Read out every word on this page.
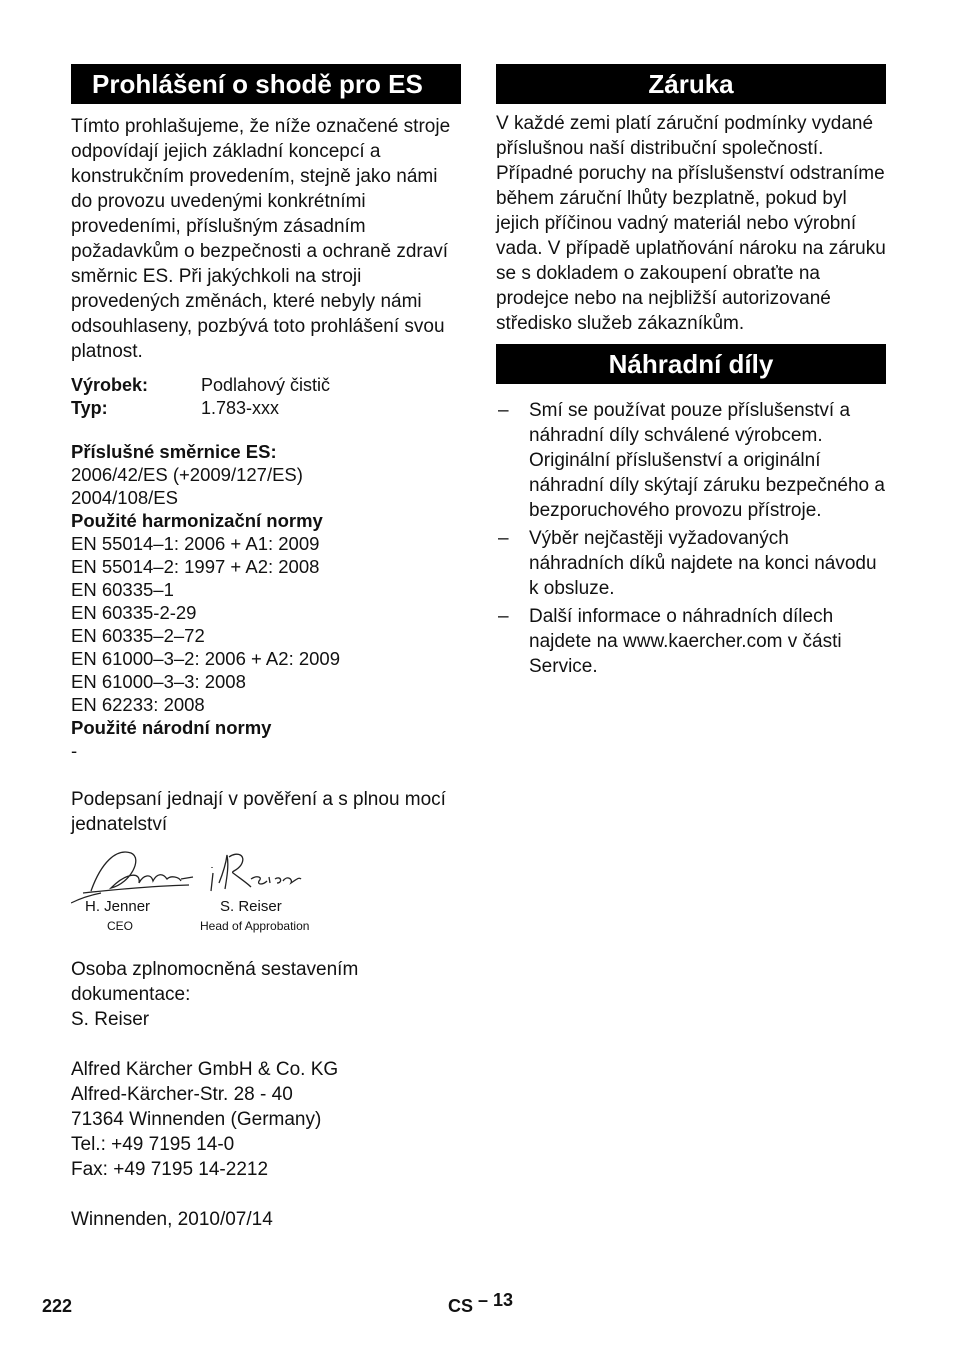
Prohlášení o shodě pro ES

Tímto prohlašujeme, že níže označené stroje odpovídají jejich základní koncepcí a konstrukčním provedením, stejně jako námi do provozu uvedenými konkrétními provedeními, příslušným zásadním požadavkům o bezpečnosti a ochraně zdraví směrnic ES. Při jakýchkoli na stroji provedených změnách, které nebyly námi odsouhlaseny, pozbývá toto prohlášení svou platnost.

Výrobek:	Podlahový čistič
Typ:	1.783-xxx
Příslušné směrnice ES:
2006/42/ES (+2009/127/ES)
2004/108/ES
Použité harmonizační normy
EN 55014–1: 2006 + A1: 2009
EN 55014–2: 1997 + A2: 2008
EN 60335–1
EN 60335-2-29
EN 60335–2–72
EN 61000–3–2: 2006 + A2: 2009
EN 61000–3–3: 2008
EN 62233: 2008
Použité národní normy
-

Podepsaní jednají v pověření a s plnou mocí jednatelství

H. Jenner
CEO
S. Reiser
Head of Approbation

Osoba zplnomocněná sestavením dokumentace:

S. Reiser

Alfred Kärcher GmbH & Co. KG

Alfred-Kärcher-Str. 28 - 40

71364 Winnenden (Germany)

Tel.: +49 7195 14-0

Fax: +49 7195 14-2212

Winnenden, 2010/07/14

Záruka

V každé zemi platí záruční podmínky vydané příslušnou naší distribuční společností. Případné poruchy na příslušenství odstraníme během záruční lhůty bezplatně, pokud byl jejich příčinou vadný materiál nebo výrobní vada. V případě uplatňování nároku na záruku se s dokladem o zakoupení obraťte na prodejce nebo na nejbližší autorizované středisko služeb zákazníkům.

Náhradní díly
– Smí se používat pouze příslušenství a náhradní díly schválené výrobcem. Originální příslušenství a originální náhradní díly skýtají záruku bezpečného a bezporuchového provozu přístroje.
– Výběr nejčastěji vyžadovaných náhradních díků najdete na konci návodu k obsluze.
– Další informace o náhradních dílech najdete na www.kaercher.com v části Service.
222	CS – 13
